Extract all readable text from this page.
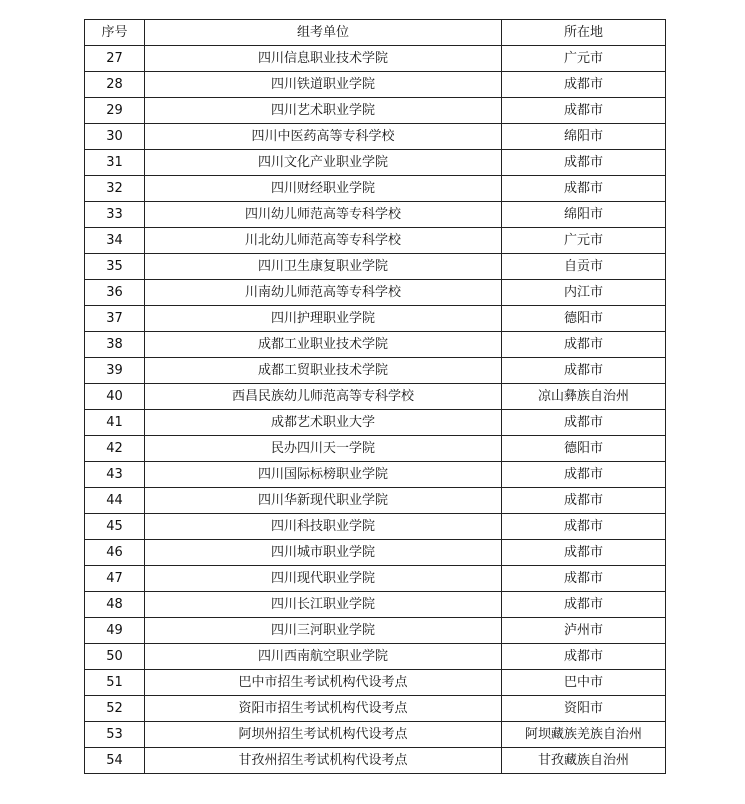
序号	组考单位	所在地
27	四川信息职业技术学院	广元市
28	四川铁道职业学院	成都市
29	四川艺术职业学院	成都市
30	四川中医药高等专科学校	绵阳市
31	四川文化产业职业学院	成都市
32	四川财经职业学院	成都市
33	四川幼儿师范高等专科学校	绵阳市
34	川北幼儿师范高等专科学校	广元市
35	四川卫生康复职业学院	自贡市
36	川南幼儿师范高等专科学校	内江市
37	四川护理职业学院	德阳市
38	成都工业职业技术学院	成都市
39	成都工贸职业技术学院	成都市
40	西昌民族幼儿师范高等专科学校	凉山彝族自治州
41	成都艺术职业大学	成都市
42	民办四川天一学院	德阳市
43	四川国际标榜职业学院	成都市
44	四川华新现代职业学院	成都市
45	四川科技职业学院	成都市
46	四川城市职业学院	成都市
47	四川现代职业学院	成都市
48	四川长江职业学院	成都市
49	四川三河职业学院	泸州市
50	四川西南航空职业学院	成都市
51	巴中市招生考试机构代设考点	巴中市
52	资阳市招生考试机构代设考点	资阳市
53	阿坝州招生考试机构代设考点	阿坝藏族羌族自治州
54	甘孜州招生考试机构代设考点	甘孜藏族自治州
